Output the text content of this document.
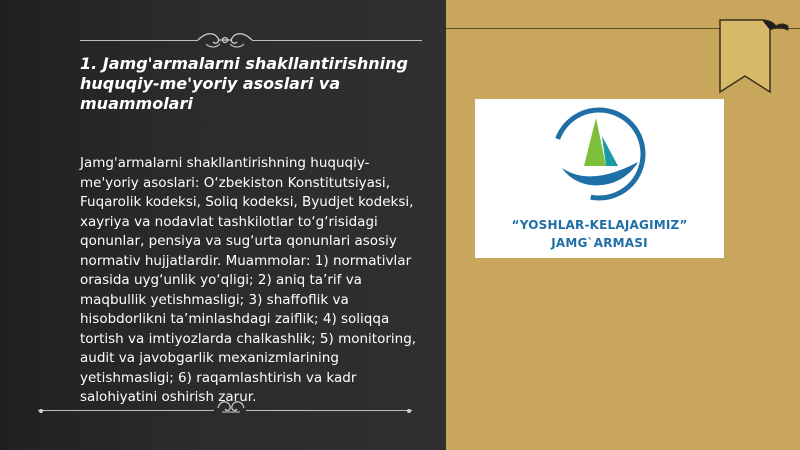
1. Jamg'armalarni shakllantirishning huquqiy-me'yoriy asoslari va muammolari

Jamg'armalarni shakllantirishning huquqiy-me'yoriy asoslari: O‘zbekiston Konstitutsiyasi, Fuqarolik kodeksi, Soliq kodeksi, Byudjet kodeksi, xayriya va nodavlat tashkilotlar to‘g‘risidagi qonunlar, pensiya va sug‘urta qonunlari asosiy normativ hujjatlardir. Muammolar: 1) normativlar orasida uyg‘unlik yo‘qligi; 2) aniq ta’rif va maqbullik yetishmasligi; 3) shaffoflik va hisobdorlikni ta’minlashdagi zaiflik; 4) soliqqa tortish va imtiyozlarda chalkashlik; 5) monitoring, audit va javobgarlik mexanizmlarining yetishmasligi; 6) raqamlashtirish va kadr salohiyatini oshirish zarur.

“YOSHLAR-KELAJAGIMIZ”
JAMG`ARMASI
